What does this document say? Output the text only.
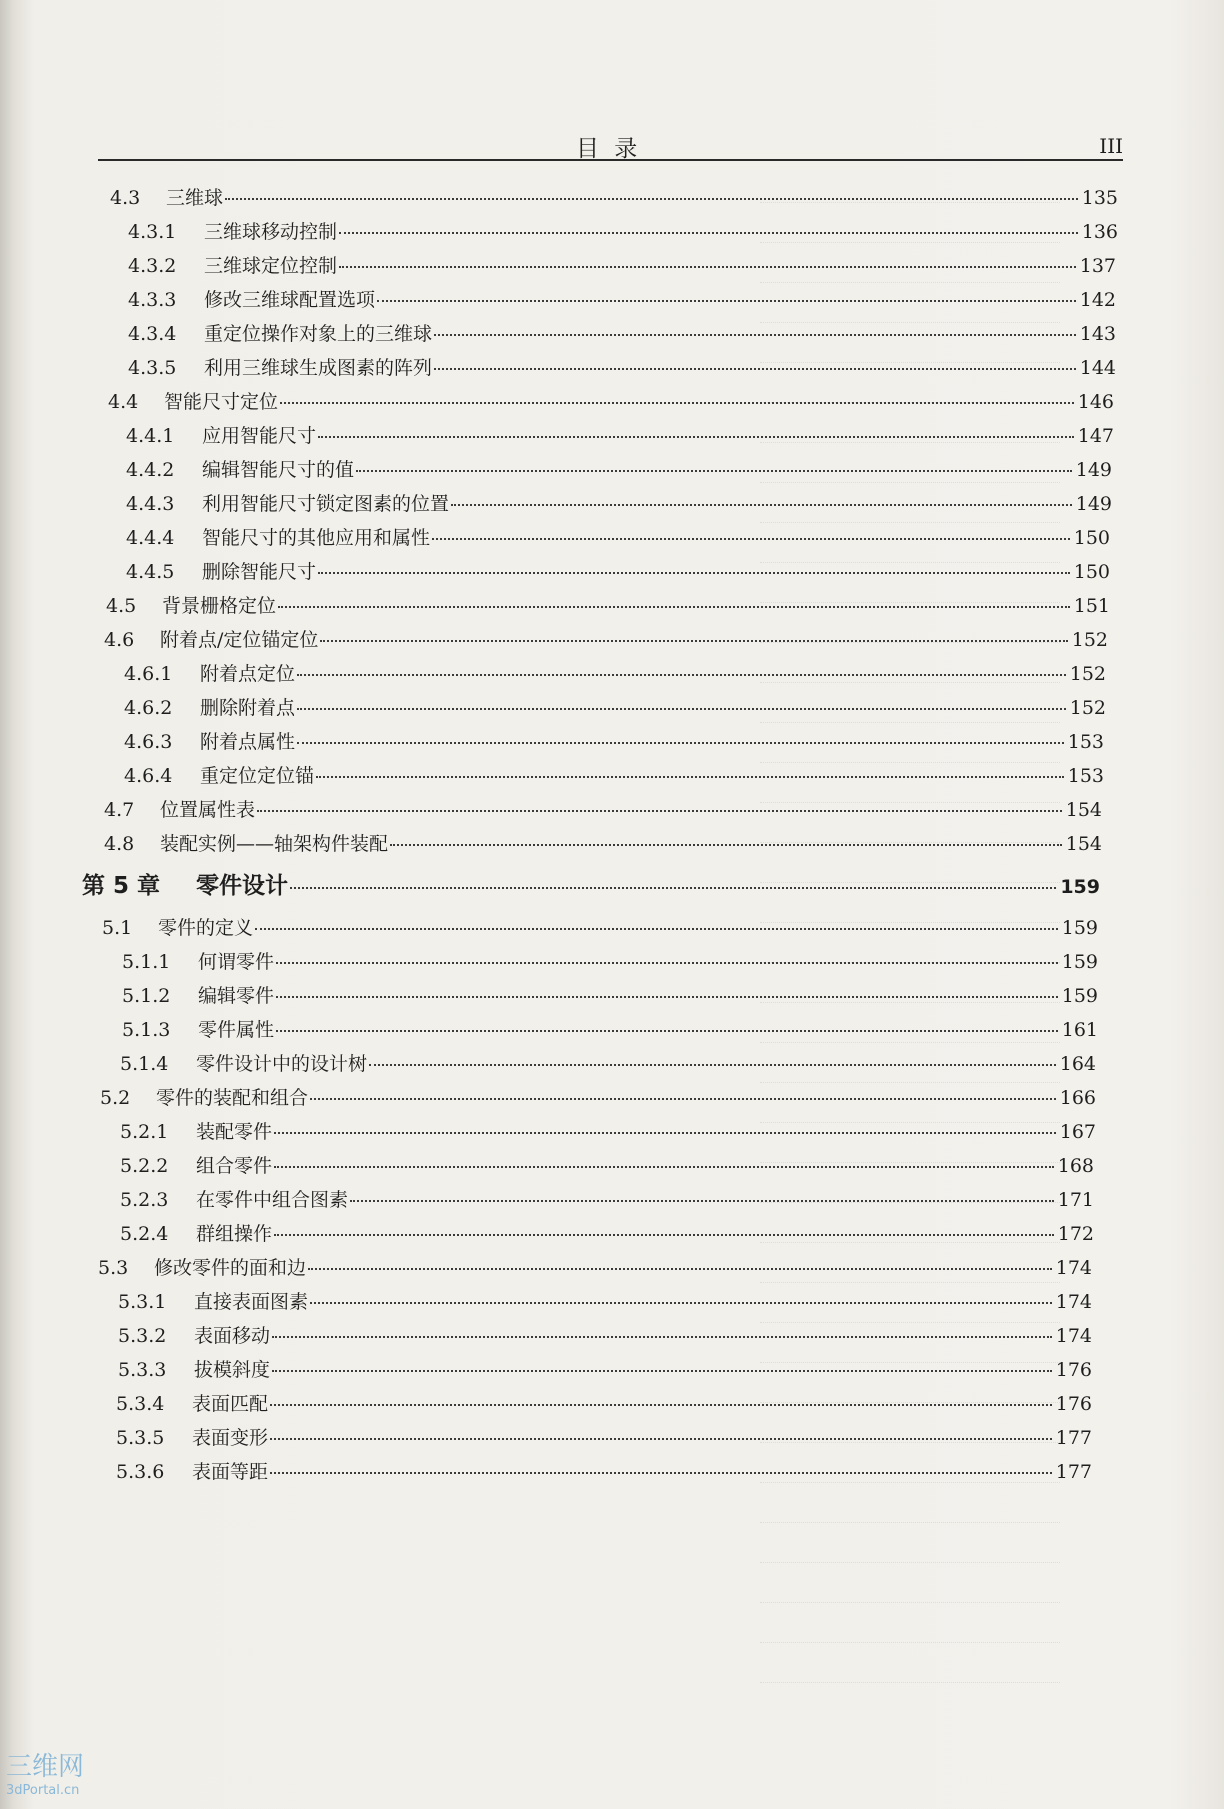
目 录	III
4.3	三维球	135
4.3.1	三维球移动控制	136
4.3.2	三维球定位控制	137
4.3.3	修改三维球配置选项	142
4.3.4	重定位操作对象上的三维球	143
4.3.5	利用三维球生成图素的阵列	144
4.4	智能尺寸定位	146
4.4.1	应用智能尺寸	147
4.4.2	编辑智能尺寸的值	149
4.4.3	利用智能尺寸锁定图素的位置	149
4.4.4	智能尺寸的其他应用和属性	150
4.4.5	删除智能尺寸	150
4.5	背景栅格定位	151
4.6	附着点/定位锚定位	152
4.6.1	附着点定位	152
4.6.2	删除附着点	152
4.6.3	附着点属性	153
4.6.4	重定位定位锚	153
4.7	位置属性表	154
4.8	装配实例——轴架构件装配	154
第 5 章	零件设计	159
5.1	零件的定义	159
5.1.1	何谓零件	159
5.1.2	编辑零件	159
5.1.3	零件属性	161
5.1.4	零件设计中的设计树	164
5.2	零件的装配和组合	166
5.2.1	装配零件	167
5.2.2	组合零件	168
5.2.3	在零件中组合图素	171
5.2.4	群组操作	172
5.3	修改零件的面和边	174
5.3.1	直接表面图素	174
5.3.2	表面移动	174
5.3.3	拔模斜度	176
5.3.4	表面匹配	176
5.3.5	表面变形	177
5.3.6	表面等距	177
三维网
3dPortal.cn
